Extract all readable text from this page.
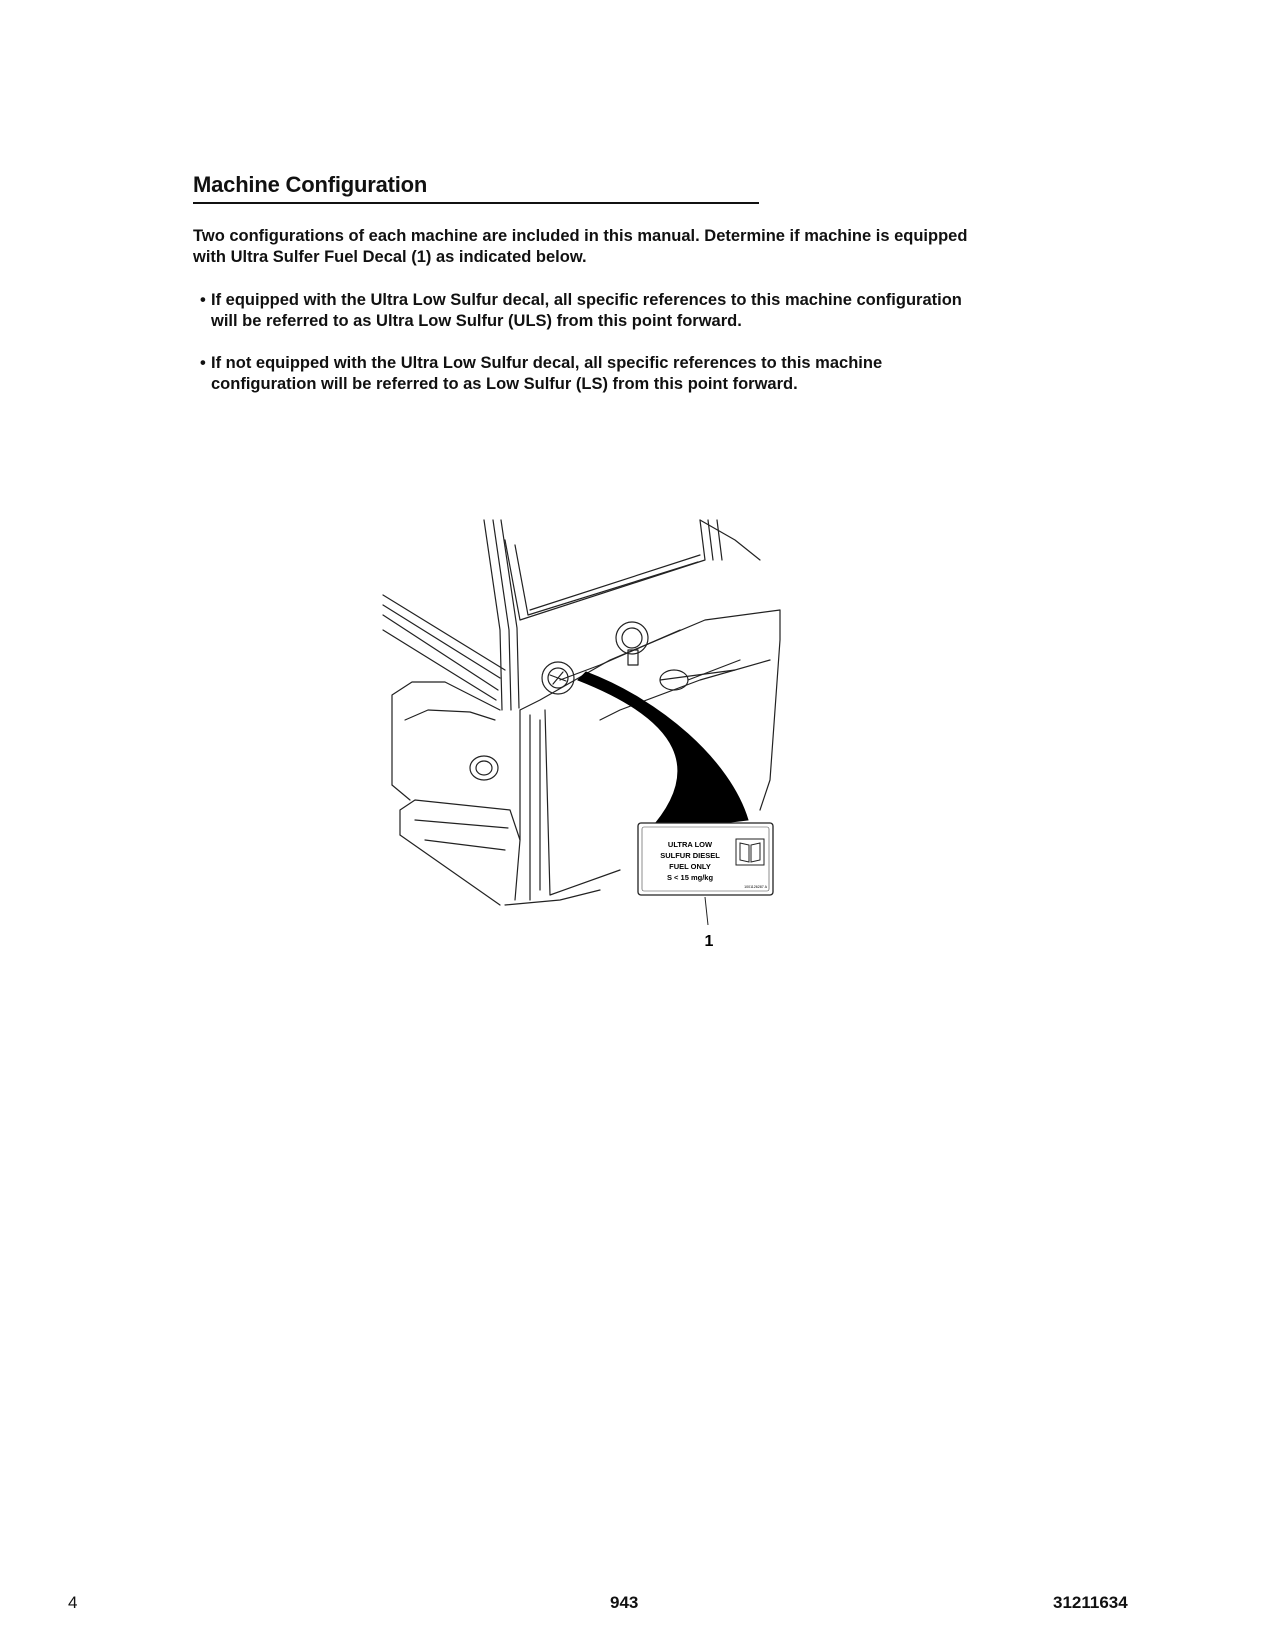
Machine Configuration

Two configurations of each machine are included in this manual. Determine if machine is equipped with Ultra Sulfer Fuel Decal (1) as indicated below.

• If equipped with the Ultra Low Sulfur decal, all specific references to this machine configuration will be referred to as Ultra Low Sulfur (ULS) from this point forward.
• If not equipped with the Ultra Low Sulfur decal, all specific references to this machine configuration will be referred to as Low Sulfur (LS) from this point forward.
ULTRA LOW
SULFUR DIESEL
FUEL ONLY
S < 15 mg/kg
1001126287 A
1
4	943	31211634
